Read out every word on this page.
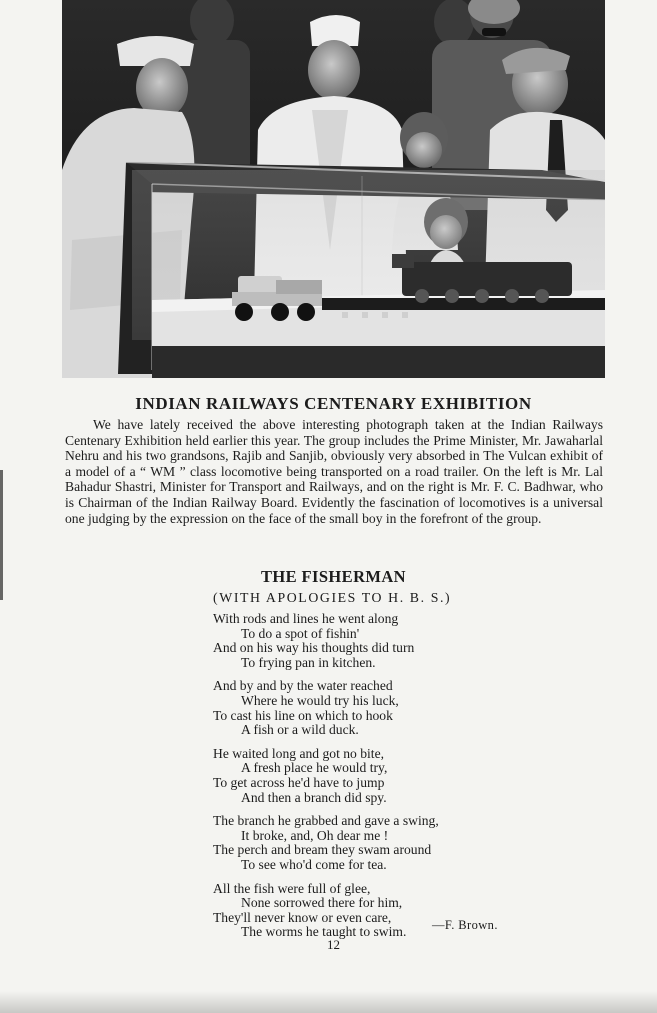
INDIAN RAILWAYS CENTENARY EXHIBITION

We have lately received the above interesting photograph taken at the Indian Railways Centenary Exhibition held earlier this year. The group includes the Prime Minister, Mr. Jawaharlal Nehru and his two grandsons, Rajib and Sanjib, obviously very absorbed in The Vulcan exhibit of a model of a “ WM ” class locomotive being transported on a road trailer. On the left is Mr. Lal Bahadur Shastri, Minister for Transport and Railways, and on the right is Mr. F. C. Badhwar, who is Chairman of the Indian Railway Board. Evidently the fascination of locomotives is a universal one judging by the expression on the face of the small boy in the forefront of the group.

THE FISHERMAN

(WITH APOLOGIES TO H. B. S.)

With rods and lines he went along
To do a spot of fishin'
And on his way his thoughts did turn
To frying pan in kitchen.

And by and by the water reached
Where he would try his luck,
To cast his line on which to hook
A fish or a wild duck.

He waited long and got no bite,
A fresh place he would try,
To get across he'd have to jump
And then a branch did spy.

The branch he grabbed and gave a swing,
It broke, and, Oh dear me !
The perch and bream they swam around
To see who'd come for tea.

All the fish were full of glee,
None sorrowed there for him,
They'll never know or even care,
The worms he taught to swim.	—F. Brown.

12
